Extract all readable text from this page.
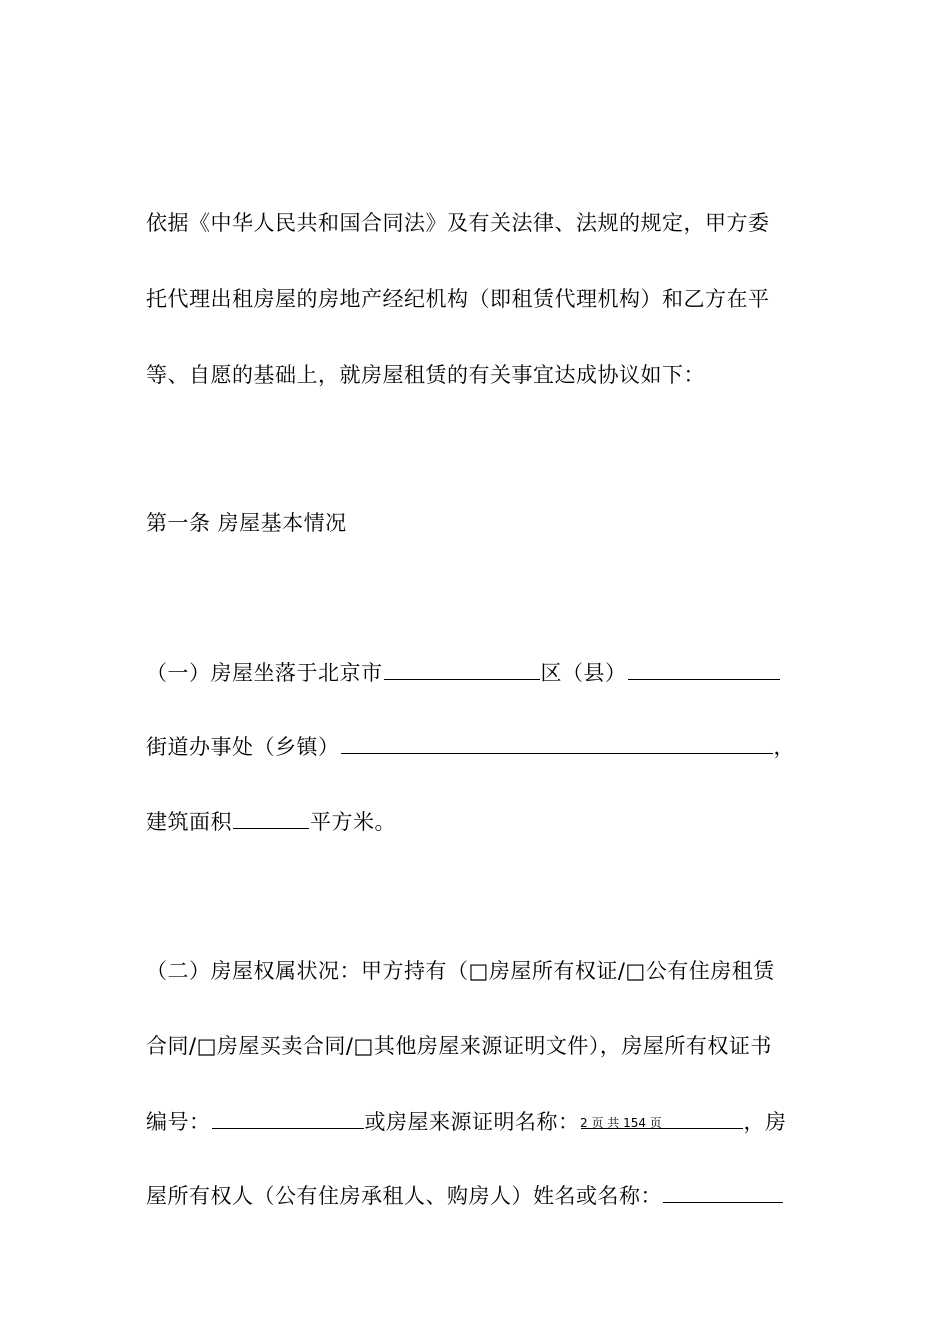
依据《中华人民共和国合同法》及有关法律、法规的规定，甲方委
托代理出租房屋的房地产经纪机构（即租赁代理机构）和乙方在平
等、自愿的基础上，就房屋租赁的有关事宜达成协议如下：
第一条 房屋基本情况
（一）房屋坐落于北京市	区（县）
街道办事处（乡镇）	，
建筑面积	平方米。
（二）房屋权属状况：甲方持有（□房屋所有权证/□公有住房租赁
合同/□房屋买卖合同/□其他房屋来源证明文件），房屋所有权证书
编号：	或房屋来源证明名称：	，房
屋所有权人（公有住房承租人、购房人）姓名或名称：
2 页 共 154 页
